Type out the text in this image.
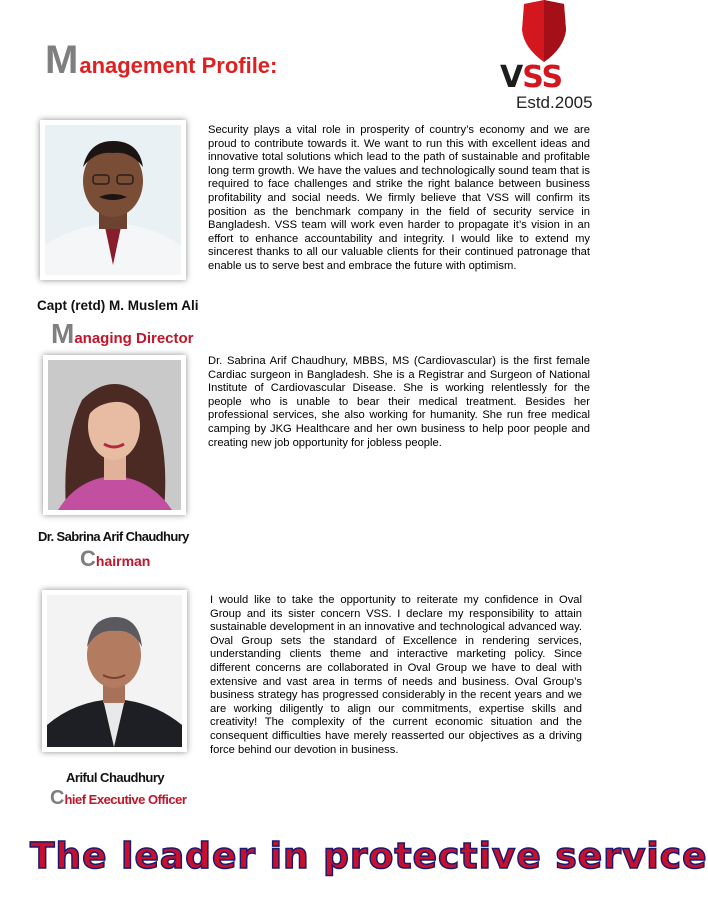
Management Profile:	VSS
Estd.2005
Security plays a vital role in prosperity of country’s economy and we are proud to contribute towards it. We want to run this with excellent ideas and innovative total solutions which lead to the path of sustainable and profitable long term growth. We have the values and technologically sound team that is required to face challenges and strike the right balance between business profitability and social needs. We firmly believe that VSS will confirm its position as the benchmark company in the field of security service in Bangladesh. VSS team will work even harder to propagate it’s vision in an effort to enhance accountability and integrity. I would like to extend my sincerest thanks to all our valuable clients for their continued patronage that enable us to serve best and embrace the future with optimism.
Capt (retd) M. Muslem Ali
Managing Director
Dr. Sabrina Arif Chaudhury, MBBS, MS (Cardiovascular) is the first female Cardiac surgeon in Bangladesh. She is a Registrar and Surgeon of National Institute of Cardiovascular Disease. She is working relentlessly for the people who is unable to bear their medical treatment. Besides her professional services, she also working for humanity. She run free medical camping by JKG Healthcare and her own business to help poor people and creating new job opportunity for jobless people.
Dr. Sabrina Arif Chaudhury
Chairman
I would like to take the opportunity to reiterate my confidence in Oval Group and its sister concern VSS. I declare my responsibility to attain sustainable development in an innovative and technological advanced way. Oval Group sets the standard of Excellence in rendering services, understanding clients theme and interactive marketing policy. Since different concerns are collaborated in Oval Group we have to deal with extensive and vast area in terms of needs and business. Oval Group’s business strategy has progressed considerably in the recent years and we are working diligently to align our commitments, expertise skills and creativity! The complexity of the current economic situation and the consequent difficulties have merely reasserted our objectives as a driving force behind our devotion in business.
Ariful Chaudhury
Chief Executive Officer
The leader in protective service
